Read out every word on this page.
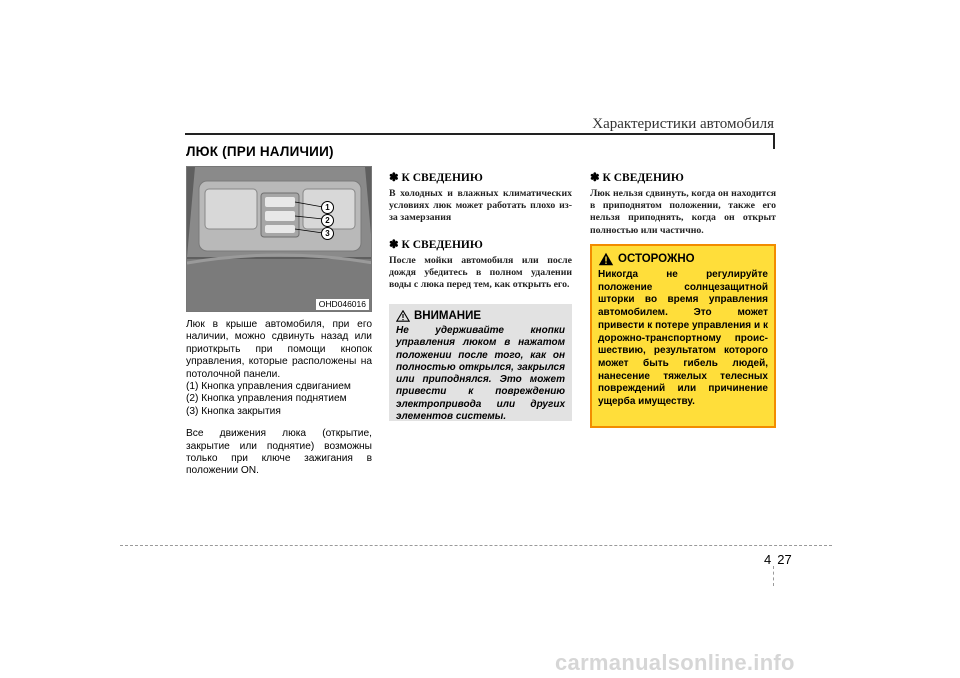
Характеристики автомобиля
ЛЮК (ПРИ НАЛИЧИИ)
1
2
3
OHD046016

Люк в крыше автомобиля, при его наличии, можно сдвинуть назад или приоткрыть при помощи кнопок управления, которые расположены на потолочной панели.

(1) Кнопка управления сдвиганием

(2) Кнопка управления поднятием

(3) Кнопка закрытия

Все движения люка (открытие, закрытие или поднятие) возможны только при ключе зажигания в положении ON.

✽ К СВЕДЕНИЮ

В холодных и влажных климатических условиях люк может работать плохо из-за замерзания

✽ К СВЕДЕНИЮ

После мойки автомобиля или после дождя убедитесь в полном удалении воды с люка перед тем, как открыть его.

ВНИМАНИЕ

Не удерживайте кнопки управления люком в нажатом положении после того, как он полностью открылся, закрылся или приподнялся. Это может привести к повреждению электропривода или других элементов системы.

✽ К СВЕДЕНИЮ

Люк нельзя сдвинуть, когда он находится в приподнятом положении, также его нельзя приподнять, когда он открыт полностью или частично.

ОСТОРОЖНО

Никогда не регулируйте положение солнцезащитной шторки во время управления автомобилем. Это может привести к потере управления и к дорожно-транспортному проис-шествию, результатом которого может быть гибель людей, нанесение тяжелых телесных повреждений или причинение ущерба имуществу.

4 27
carmanualsonline.info
